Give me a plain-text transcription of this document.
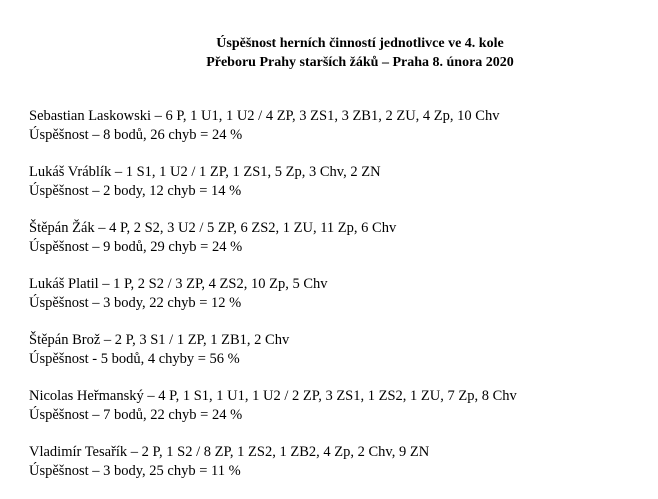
Úspěšnost herních činností jednotlivce ve 4. kole
Přeboru Prahy starších žáků – Praha 8. února 2020
Sebastian Laskowski – 6 P, 1 U1, 1 U2 / 4 ZP, 3 ZS1, 3 ZB1, 2 ZU, 4 Zp, 10 Chv
Úspěšnost – 8 bodů, 26 chyb = 24 %
Lukáš Vráblík – 1 S1, 1 U2 / 1 ZP, 1 ZS1, 5 Zp, 3 Chv, 2 ZN
Úspěšnost – 2 body, 12 chyb = 14 %
Štěpán Žák – 4 P, 2 S2, 3 U2 / 5 ZP, 6 ZS2, 1 ZU, 11 Zp, 6 Chv
Úspěšnost – 9 bodů, 29 chyb = 24 %
Lukáš Platil – 1 P, 2 S2 / 3 ZP, 4 ZS2, 10 Zp, 5 Chv
Úspěšnost – 3 body, 22 chyb = 12 %
Štěpán Brož – 2 P, 3 S1 / 1 ZP, 1 ZB1, 2 Chv
Úspěšnost - 5 bodů, 4 chyby = 56 %
Nicolas Heřmanský – 4 P, 1 S1, 1 U1, 1 U2 / 2 ZP, 3 ZS1, 1 ZS2, 1 ZU, 7 Zp, 8 Chv
Úspěšnost – 7 bodů, 22 chyb = 24 %
Vladimír Tesařík – 2 P, 1 S2 / 8 ZP, 1 ZS2, 1 ZB2, 4 Zp, 2 Chv, 9 ZN
Úspěšnost – 3 body, 25 chyb = 11 %
